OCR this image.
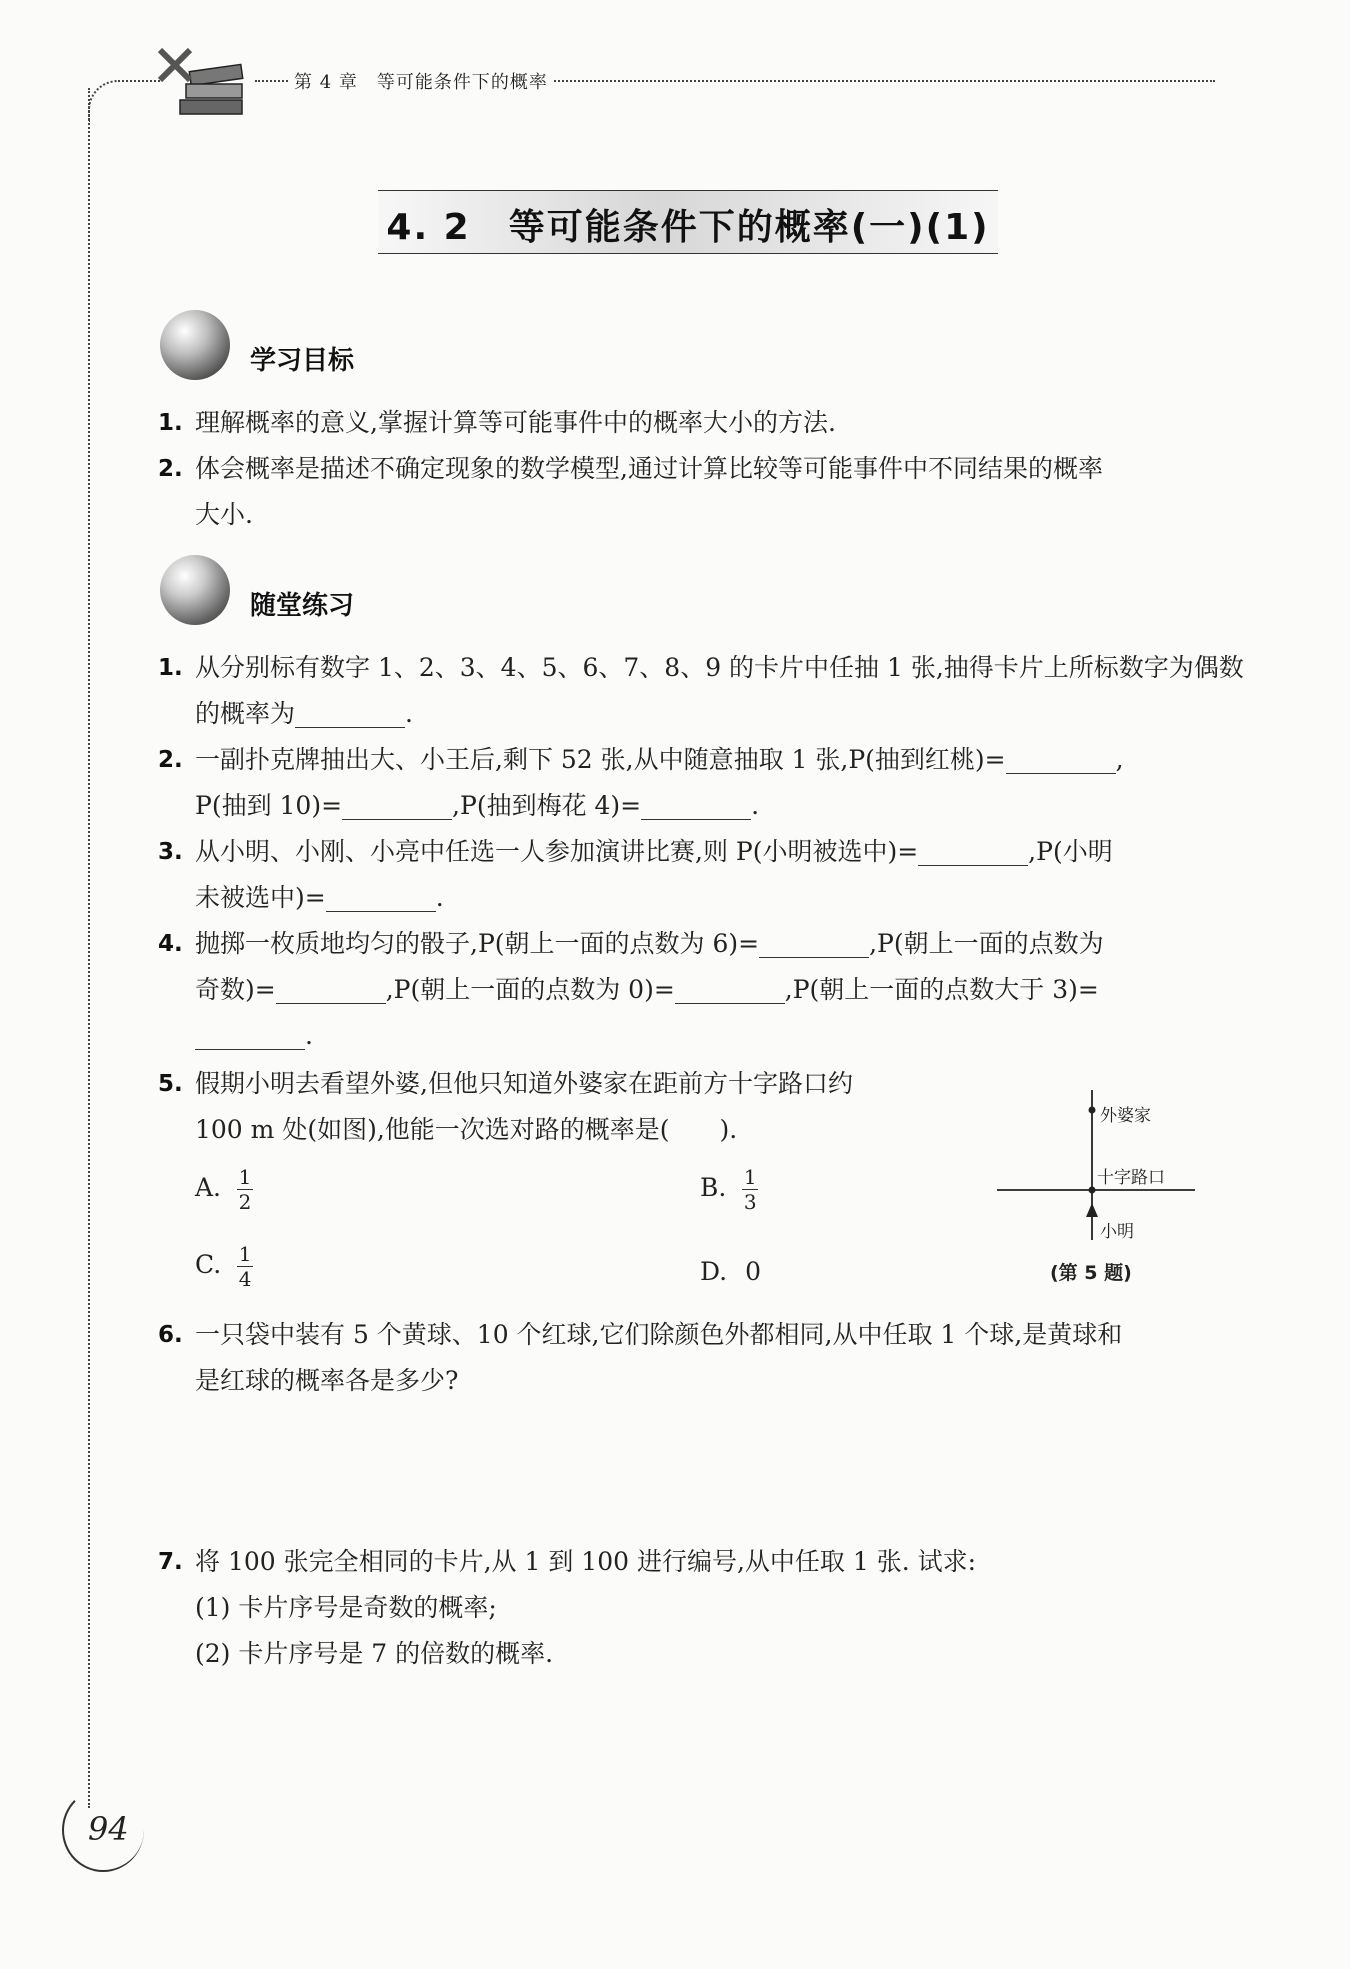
第 4 章　等可能条件下的概率
4. 2　等可能条件下的概率(一)(1)
学习目标
1. 理解概率的意义,掌握计算等可能事件中的概率大小的方法.
2. 体会概率是描述不确定现象的数学模型,通过计算比较等可能事件中不同结果的概率
大小.
随堂练习
1. 从分别标有数字 1、2、3、4、5、6、7、8、9 的卡片中任抽 1 张,抽得卡片上所标数字为偶数
的概率为	.
2. 一副扑克牌抽出大、小王后,剩下 52 张,从中随意抽取 1 张,P(抽到红桃)=	,
P(抽到 10)=	,P(抽到梅花 4)=	.
3. 从小明、小刚、小亮中任选一人参加演讲比赛,则 P(小明被选中)=	,P(小明
未被选中)=	.
4. 抛掷一枚质地均匀的骰子,P(朝上一面的点数为 6)=	,P(朝上一面的点数为
奇数)=	,P(朝上一面的点数为 0)=	,P(朝上一面的点数大于 3)=
.
5. 假期小明去看望外婆,但他只知道外婆家在距前方十字路口约
100 m 处(如图),他能一次选对路的概率是(　　).
A. $\frac{1}{2}$	B. $\frac{1}{3}$
C. $\frac{1}{4}$	D. 0
外婆家
十字路口
小明
(第 5 题)
6. 一只袋中装有 5 个黄球、10 个红球,它们除颜色外都相同,从中任取 1 个球,是黄球和
是红球的概率各是多少?
7. 将 100 张完全相同的卡片,从 1 到 100 进行编号,从中任取 1 张. 试求:
(1) 卡片序号是奇数的概率;
(2) 卡片序号是 7 的倍数的概率.
94
